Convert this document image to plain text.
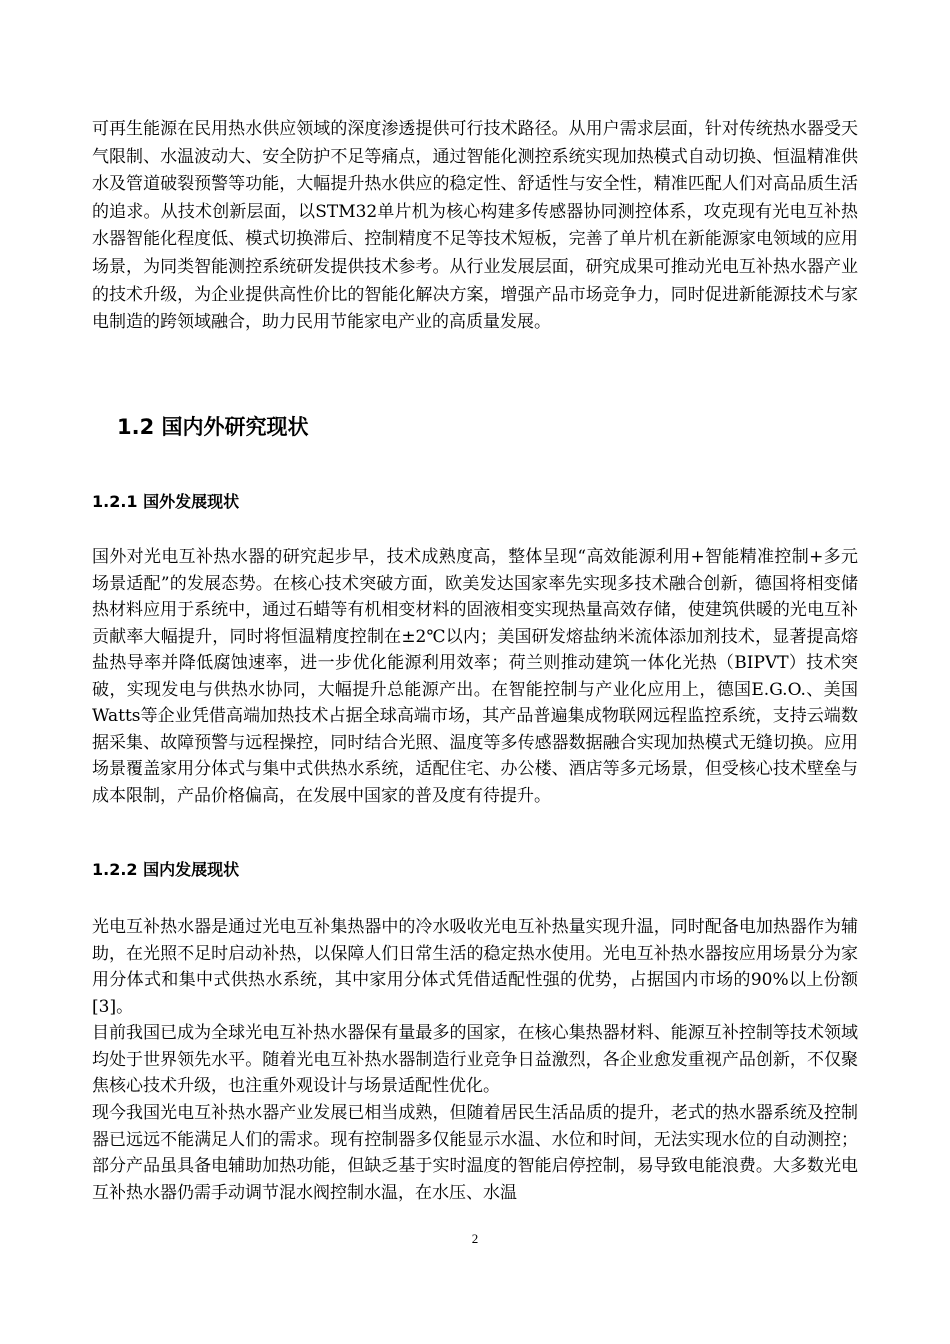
可再生能源在民用热水供应领域的深度渗透提供可行技术路径。从用户需求层面，针对传统热水器受天气限制、水温波动大、安全防护不足等痛点，通过智能化测控系统实现加热模式自动切换、恒温精准供水及管道破裂预警等功能，大幅提升热水供应的稳定性、舒适性与安全性，精准匹配人们对高品质生活的追求。从技术创新层面，以STM32单片机为核心构建多传感器协同测控体系，攻克现有光电互补热水器智能化程度低、模式切换滞后、控制精度不足等技术短板，完善了单片机在新能源家电领域的应用场景，为同类智能测控系统研发提供技术参考。从行业发展层面，研究成果可推动光电互补热水器产业的技术升级，为企业提供高性价比的智能化解决方案，增强产品市场竞争力，同时促进新能源技术与家电制造的跨领域融合，助力民用节能家电产业的高质量发展。

1.2 国内外研究现状
1.2.1 国外发展现状

国外对光电互补热水器的研究起步早，技术成熟度高，整体呈现“高效能源利用+智能精准控制+多元场景适配”的发展态势。在核心技术突破方面，欧美发达国家率先实现多技术融合创新，德国将相变储热材料应用于系统中，通过石蜡等有机相变材料的固液相变实现热量高效存储，使建筑供暖的光电互补贡献率大幅提升，同时将恒温精度控制在±2℃以内；美国研发熔盐纳米流体添加剂技术，显著提高熔盐热导率并降低腐蚀速率，进一步优化能源利用效率；荷兰则推动建筑一体化光热（BIPVT）技术突破，实现发电与供热水协同，大幅提升总能源产出。在智能控制与产业化应用上，德国E.G.O.、美国Watts等企业凭借高端加热技术占据全球高端市场，其产品普遍集成物联网远程监控系统，支持云端数据采集、故障预警与远程操控，同时结合光照、温度等多传感器数据融合实现加热模式无缝切换。应用场景覆盖家用分体式与集中式供热水系统，适配住宅、办公楼、酒店等多元场景，但受核心技术壁垒与成本限制，产品价格偏高，在发展中国家的普及度有待提升。

1.2.2 国内发展现状

光电互补热水器是通过光电互补集热器中的冷水吸收光电互补热量实现升温，同时配备电加热器作为辅助，在光照不足时启动补热，以保障人们日常生活的稳定热水使用。光电互补热水器按应用场景分为家用分体式和集中式供热水系统，其中家用分体式凭借适配性强的优势，占据国内市场的90%以上份额[3]。

目前我国已成为全球光电互补热水器保有量最多的国家，在核心集热器材料、能源互补控制等技术领域均处于世界领先水平。随着光电互补热水器制造行业竞争日益激烈，各企业愈发重视产品创新，不仅聚焦核心技术升级，也注重外观设计与场景适配性优化。

现今我国光电互补热水器产业发展已相当成熟，但随着居民生活品质的提升，老式的热水器系统及控制器已远远不能满足人们的需求。现有控制器多仅能显示水温、水位和时间，无法实现水位的自动测控；部分产品虽具备电辅助加热功能，但缺乏基于实时温度的智能启停控制，易导致电能浪费。大多数光电互补热水器仍需手动调节混水阀控制水温，在水压、水温

2
